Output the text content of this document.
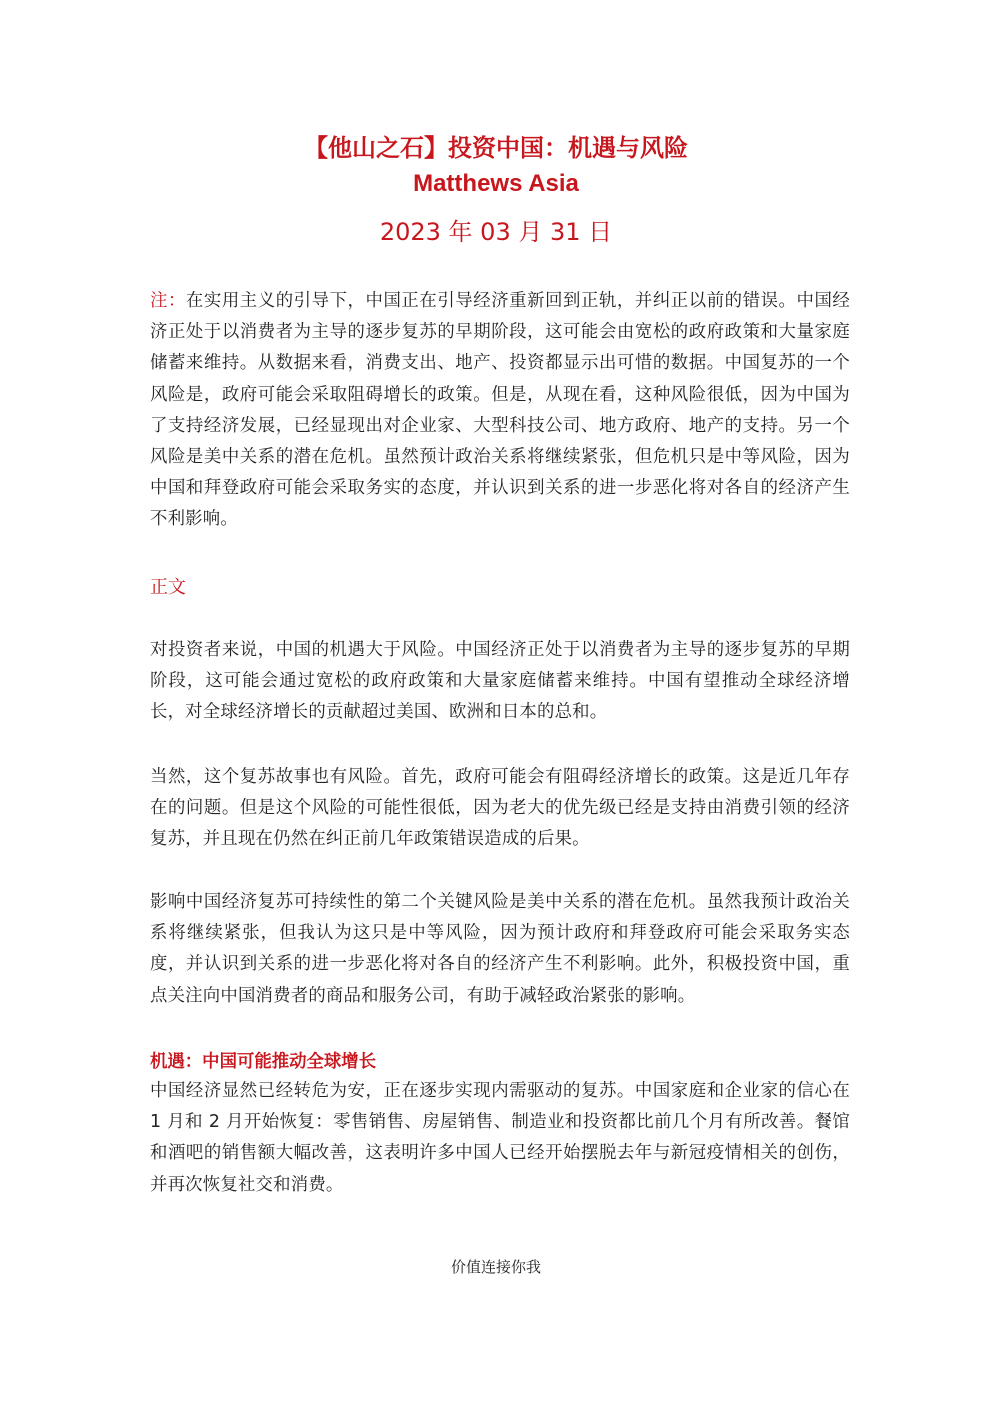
【他山之石】投资中国：机遇与风险
Matthews Asia
2023 年 03 月 31 日

注：在实用主义的引导下，中国正在引导经济重新回到正轨，并纠正以前的错误。中国经济正处于以消费者为主导的逐步复苏的早期阶段，这可能会由宽松的政府政策和大量家庭储蓄来维持。从数据来看，消费支出、地产、投资都显示出可惜的数据。中国复苏的一个风险是，政府可能会采取阻碍增长的政策。但是，从现在看，这种风险很低，因为中国为了支持经济发展，已经显现出对企业家、大型科技公司、地方政府、地产的支持。另一个风险是美中关系的潜在危机。虽然预计政治关系将继续紧张，但危机只是中等风险，因为中国和拜登政府可能会采取务实的态度，并认识到关系的进一步恶化将对各自的经济产生不利影响。

正文

对投资者来说，中国的机遇大于风险。中国经济正处于以消费者为主导的逐步复苏的早期阶段，这可能会通过宽松的政府政策和大量家庭储蓄来维持。中国有望推动全球经济增长，对全球经济增长的贡献超过美国、欧洲和日本的总和。

当然，这个复苏故事也有风险。首先，政府可能会有阻碍经济增长的政策。这是近几年存在的问题。但是这个风险的可能性很低，因为老大的优先级已经是支持由消费引领的经济复苏，并且现在仍然在纠正前几年政策错误造成的后果。

影响中国经济复苏可持续性的第二个关键风险是美中关系的潜在危机。虽然我预计政治关系将继续紧张，但我认为这只是中等风险，因为预计政府和拜登政府可能会采取务实态度，并认识到关系的进一步恶化将对各自的经济产生不利影响。此外，积极投资中国，重点关注向中国消费者的商品和服务公司，有助于减轻政治紧张的影响。

机遇：中国可能推动全球增长

中国经济显然已经转危为安，正在逐步实现内需驱动的复苏。中国家庭和企业家的信心在 1 月和 2 月开始恢复：零售销售、房屋销售、制造业和投资都比前几个月有所改善。餐馆和酒吧的销售额大幅改善，这表明许多中国人已经开始摆脱去年与新冠疫情相关的创伤，并再次恢复社交和消费。

价值连接你我
